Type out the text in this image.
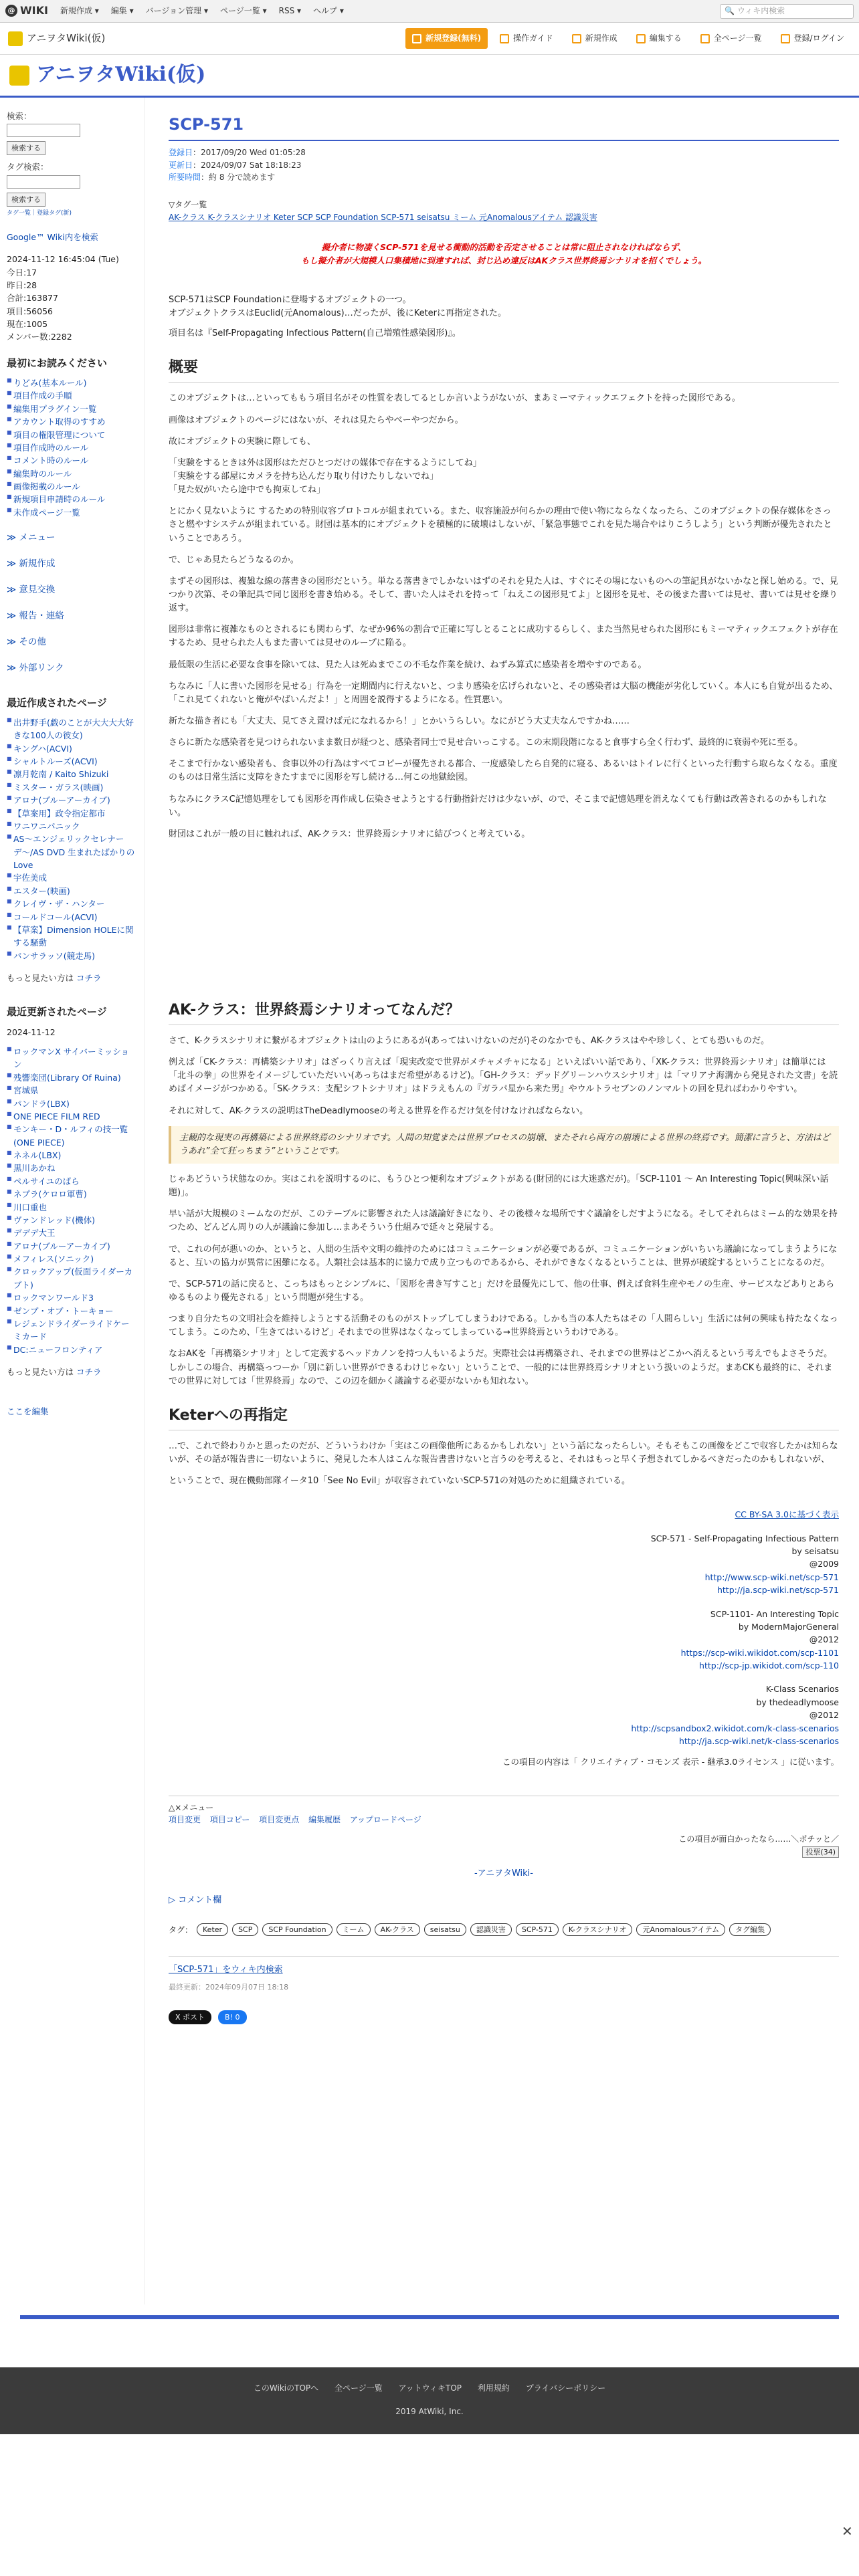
@ WIKI 新規作成 ▾ 編集 ▾ バージョン管理 ▾ ページ一覧 ▾ RSS ▾ ヘルプ ▾	🔍 ウィキ内検索
アニヲタWiki(仮)	新規登録(無料)	操作ガイド	新規作成	編集する	全ページ一覧	登録/ログイン
アニヲタWiki(仮)
検索：
検索する
タグ検索：
検索する
タグ一覧｜登録タグ(新)
Google™ Wiki内を検索
2024-11-12 16:45:04 (Tue)
今日:17
昨日:28
合計:163877
項目:56056
現在:1005
メンバー数:2282
最初にお読みください
■ りどみ(基本ルール)
■ 項目作成の手順
■ 編集用プラグイン一覧
■ アカウント取得のすすめ
■ 項目の権限管理について
■ 項目作成時のルール
■ コメント時のルール
■ 編集時のルール
■ 画像掲載のルール
■ 新規項目申請時のルール
■ 未作成ページ一覧
≫ メニュー
≫ 新規作成
≫ 意見交換
≫ 報告・連絡
≫ その他
≫ 外部リンク
最近作成されたページ
■ 出井野手(戯のことが大大大大好きな100人の彼女)
■ キングハ(ACVI)
■ シャルトルーズ(ACVI)
■ 凛月乾南 / Kaito Shizuki
■ ミスター・ガラス(映画)
■ アロナ(ブルーアーカイブ)
■ 【草案用】政令指定都市
■ ワニワニパニック
■ AS〜エンジェリックセレナーデ〜/AS DVD 生まれたばかりのLove
■ 宇佐美成
■ エスター(映画)
■ クレイヴ・ザ・ハンター
■ コールドコール(ACVI)
■ 【草案】Dimension HOLEに関する騒動
■ バンサラッソ(競走馬)
もっと見たい方は コチラ
最近更新されたページ
2024-11-12
■ ロックマンX サイバーミッション
■ 残響楽団(Library Of Ruina)
■ 宮城県
■ パンドラ(LBX)
■ ONE PIECE FILM RED
■ モンキー・D・ルフィの技一覧(ONE PIECE)
■ ネネル(LBX)
■ 黒川あかね
■ ペルサイユのばら
■ ネプラ(ケロロ軍曹)
■ 川口重也
■ ヴァンドレッド(機体)
■ デデデ大王
■ アロナ(ブルーアーカイブ)
■ メフィレス(ソニック)
■ クロックアップ(仮面ライダーカブト)
■ ロックマンワールド3
■ ゼンブ・オブ・トーキョー
■ レジェンドライダーライドケーミカード
■ DC:ニューフロンティア
もっと見たい方は コチラ
ここを編集
SCP-571
登録日：2017/09/20 Wed 01:05:28
更新日：2024/09/07 Sat 18:18:23
所要時間：約 8 分で読めます
▽タグ一覧
AK-クラス K-クラスシナリオ Keter SCP SCP Foundation SCP-571 seisatsu ミーム 元Anomalousアイテム 認識災害
擬介者に物凄くSCP-571を見せる衝動的活動を否定させることは常に阻止されなければならず、
もし擬介者が大規模人口集積地に到達すれば、封じ込め違反はAKクラス世界終焉シナリオを招くでしょう。
SCP-571はSCP Foundationに登場するオブジェクトの一つ。
オブジェクトクラスはEuclid(元Anomalous)…だったが、後にKeterに再指定された。
項目名は『Self-Propagating Infectious Pattern(自己増殖性感染図形)』。
概要

このオブジェクトは…といってももう項目名がその性質を表してるとしか言いようがないが、まあミーマティックエフェクトを持った図形である。

画像はオブジェクトのページにはないが、それは見たらやべーやつだから。

故にオブジェクトの実験に際しても、

「実験をするときは外は図形はただひとつだけの媒体で存在するようにしてね」
「実験をする部屋にカメラを持ち込んだり取り付けたりしないでね」
「見た奴がいたら途中でも拘束してね」

とにかく見ないように するための特別収容プロトコルが組まれている。また、収容施設が何らかの理由で使い物にならなくなったら、このオブジェクトの保存媒体をさっさと燃やすシステムが組まれている。財団は基本的にオブジェクトを積極的に破壊はしないが、「緊急事態でこれを見た場合やはりこうしよう」という判断が優先されたということであろう。

で、じゃあ見たらどうなるのか。

まずその図形は、複雑な線の落書きの図形だという。単なる落書きでしかないはずのそれを見た人は、すぐにその場にないものへの筆記具がないかなと探し始める。で、見つかり次第、その筆記具で同じ図形を書き始める。そして、書いた人はそれを持って「ねえこの図形見てよ」と図形を見せ、その後また書いては見せ、書いては見せを繰り返す。

図形は非常に複雑なものとされるにも関わらず、なぜか96%の割合で正確に写しとることに成功するらしく、また当然見せられた図形にもミーマティックエフェクトが存在するため、見せられた人もまた書いては見せのループに陥る。

最低限の生活に必要な食事を除いては、見た人は死ぬまでこの不毛な作業を続け、ねずみ算式に感染者を増やすのである。

ちなみに「人に書いた図形を見せる」行為を一定期間内に行えないと、つまり感染を広げられないと、その感染者は大脳の機能が劣化していく。本人にも自覚が出るため、「これ見てくれないと俺がやばいんだよ！」と周囲を説得するようになる。性質悪い。

新たな描き者にも「大丈夫、見てさえ置けば元になれるから！」とかいうらしい。なにがどう大丈夫なんですかね……

さらに新たな感染者を見つけられないまま数日が経つと、感染者同士で見せ合いっこする。この末期段階になると食事すら全く行わず、最終的に衰弱や死に至る。

そこまで行かない感染者も、食事以外の行為はすべてコピーが優先される都合、一度感染したら自発的に寝る、あるいはトイレに行くといった行動すら取らなくなる。重度のものは日常生活に支障をきたすまでに図形を写し続ける…何この地獄絵図。

ちなみにクラスC記憶処理をしても図形を再作成し伝染させようとする行動指針だけは少ないが、ので、そこまで記憶処理を消えなくても行動は改善されるのかもしれない。

財団はこれが一般の目に触れれば、AK-クラス：世界終焉シナリオに結びつくと考えている。

AK-クラス：世界終焉シナリオってなんだ？

さて、K-クラスシナリオに繋がるオブジェクトは山のようにあるが(あってはいけないのだが)そのなかでも、AK-クラスはやや珍しく、とても恐いものだ。

例えば「CK-クラス：再構築シナリオ」はざっくり言えば「現実改変で世界がメチャメチャになる」といえばいい話であり、「XK-クラス：世界終焉シナリオ」は簡単には「北斗の拳」の世界をイメージしていただいい(あっちはまだ希望があるけど)。「GH-クラス：デッドグリーンハウスシナリオ」は「マリアナ海溝から発見された文書」を読めばイメージがつかめる。「SK-クラス：支配シフトシナリオ」はドラえもんの『ガラパ星から来た男』やウルトラセブンのノンマルトの回を見ればわかりやすい。

それに対して、AK-クラスの説明はTheDeadlymooseの考える世界を作るだけ気を付けなければならない。

主観的な現実の再構築による世界終焉のシナリオです。人間の知覚または世界プロセスの崩壊、またそれら両方の崩壊による世界の終焉です。簡潔に言うと、方法はどうあれ”全て狂っちまう”ということです。

じゃあどういう状態なのか。実はこれを説明するのに、もうひとつ便利なオブジェクトがある(財団的には大迷惑だが)。「SCP-1101 ～ An Interesting Topic(興味深い話題)」。

早い話が大規模のミームなのだが、このテーブルに影響された人は議論好きになり、その後様々な場所ですぐ議論をしだすようになる。そしてそれらはミーム的な効果を持つため、どんどん周りの人が議論に参加し…まあそういう仕組みで延々と発展する。

で、これの何が悪いのか、というと、人間の生活や文明の維持のためにはコミュニケーションが必要であるが、コミュニケーションがいちいち議論になってしまうようになると、互いの協力が異常に困難になる。人類社会は基本的に協力で成り立つものであるから、それができなくなるということは、世界が破綻するということになるのだ。

で、SCP-571の話に戻ると、こっちはもっとシンプルに、「図形を書き写すこと」だけを最優先にして、他の仕事、例えば食料生産やモノの生産、サービスなどありとあらゆるものより優先される」という問題が発生する。

つまり自分たちの文明社会を維持しようとする活動そのものがストップしてしまうわけである。しかも当の本人たちはその「人間らしい」生活には何の興味も持たなくなってしまう。このため、「生きてはいるけど」それまでの世界はなくなってしまっている→世界終焉というわけである。

なおAKを「再構築シナリオ」として定義するヘッドカノンを持つ人もいるようだ。実際社会は再構築され、それまでの世界はどこかへ消えるという考えでもよさそうだ。しかしこの場合、再構築っつーか「別に新しい世界ができるわけじゃない」ということで、一般的には世界終焉シナリオという扱いのようだ。まあCKも最終的に、それまでの世界に対しては「世界終焉」なので、この辺を細かく議論する必要がないかも知れない。

Keterへの再指定

…で、これで終わりかと思ったのだが、どういうわけか「実はこの画像他所にあるかもしれない」という話になったらしい。そもそもこの画像をどこで収容したかは知らないが、その話が報告書に一切ないように、発見した本人はこんな報告書書けないと言うのを考えると、それはもっと早く予想されてしかるべきだったのかもしれないが、

ということで、現在機動部隊イータ10「See No Evil」が収容されていないSCP-571の対処のために組織されている。

CC BY-SA 3.0に基づく表示
SCP-571 - Self-Propagating Infectious Pattern
by seisatsu
@2009
http://www.scp-wiki.net/scp-571
http://ja.scp-wiki.net/scp-571
SCP-1101- An Interesting Topic
by ModernMajorGeneral
@2012
https://scp-wiki.wikidot.com/scp-1101
http://scp-jp.wikidot.com/scp-110
K-Class Scenarios
by thedeadlymoose
@2012
http://scpsandbox2.wikidot.com/k-class-scenarios
http://ja.scp-wiki.net/k-class-scenarios
この項目の内容は「 クリエイティブ・コモンズ 表示 - 継承3.0ライセンス 」に従います。
△×メニュー
項目変更 項目コピー 項目変更点 編集履歴 アップロードページ
この項目が面白かったなら……＼ポチッと／
投票(34)
-アニヲタWiki-
▷ コメント欄
タグ：	Keter	SCP	SCP Foundation	ミーム	AK-クラス	seisatsu	認識災害	SCP-571	K-クラスシナリオ	元Anomalousアイテム	タグ編集
「SCP-571」をウィキ内検索
最終更新：2024年09月07日 18:18
X ポスト	B! 0
このWikiのTOPへ 全ページ一覧 アットウィキTOP 利用規約 プライバシーポリシー
2019 AtWiki, Inc.
✕
